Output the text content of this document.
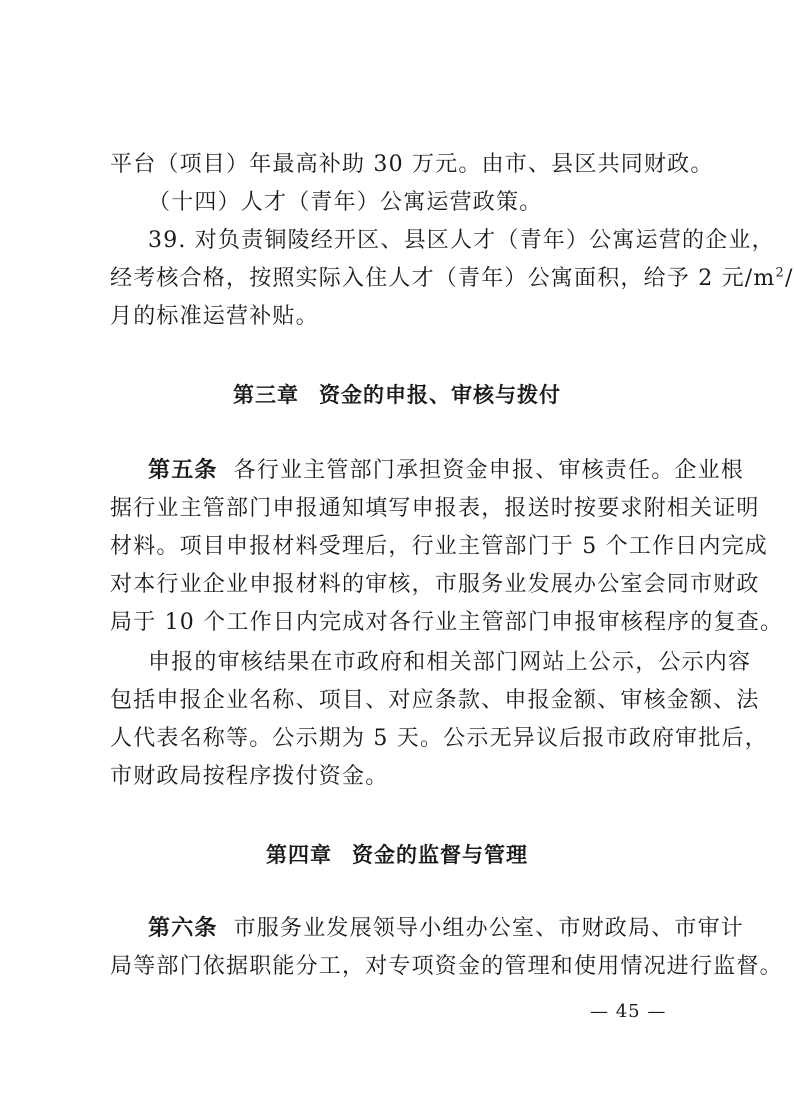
平台（项目）年最高补助 30 万元。由市、县区共同财政。
（十四）人才（青年）公寓运营政策。
39. 对负责铜陵经开区、县区人才（青年）公寓运营的企业，
经考核合格，按照实际入住人才（青年）公寓面积，给予 2 元$/m^2/$
月的标准运营补贴。
第三章 资金的申报、审核与拨付
第五条 各行业主管部门承担资金申报、审核责任。企业根
据行业主管部门申报通知填写申报表，报送时按要求附相关证明
材料。项目申报材料受理后，行业主管部门于 5 个工作日内完成
对本行业企业申报材料的审核，市服务业发展办公室会同市财政
局于 10 个工作日内完成对各行业主管部门申报审核程序的复查。
申报的审核结果在市政府和相关部门网站上公示，公示内容
包括申报企业名称、项目、对应条款、申报金额、审核金额、法
人代表名称等。公示期为 5 天。公示无异议后报市政府审批后，
市财政局按程序拨付资金。
第四章 资金的监督与管理
第六条 市服务业发展领导小组办公室、市财政局、市审计
局等部门依据职能分工，对专项资金的管理和使用情况进行监督。
— 45 —
